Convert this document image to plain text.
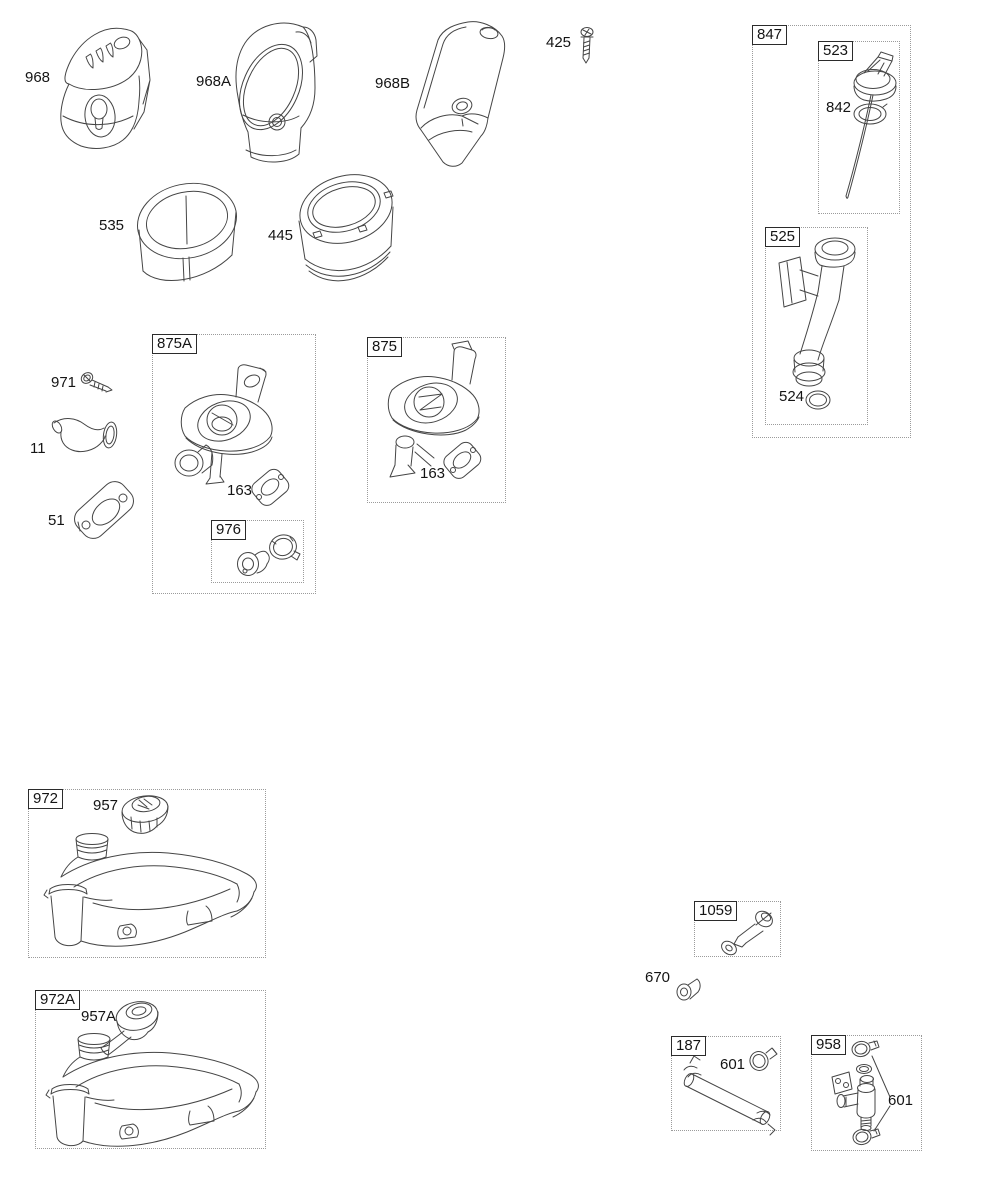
847
523
525
875A
976
875
972
972A
1059
187	958
968	968A	968B
425
535
445
842
524
971
11
51
163
163
957
957A
670
601
601
